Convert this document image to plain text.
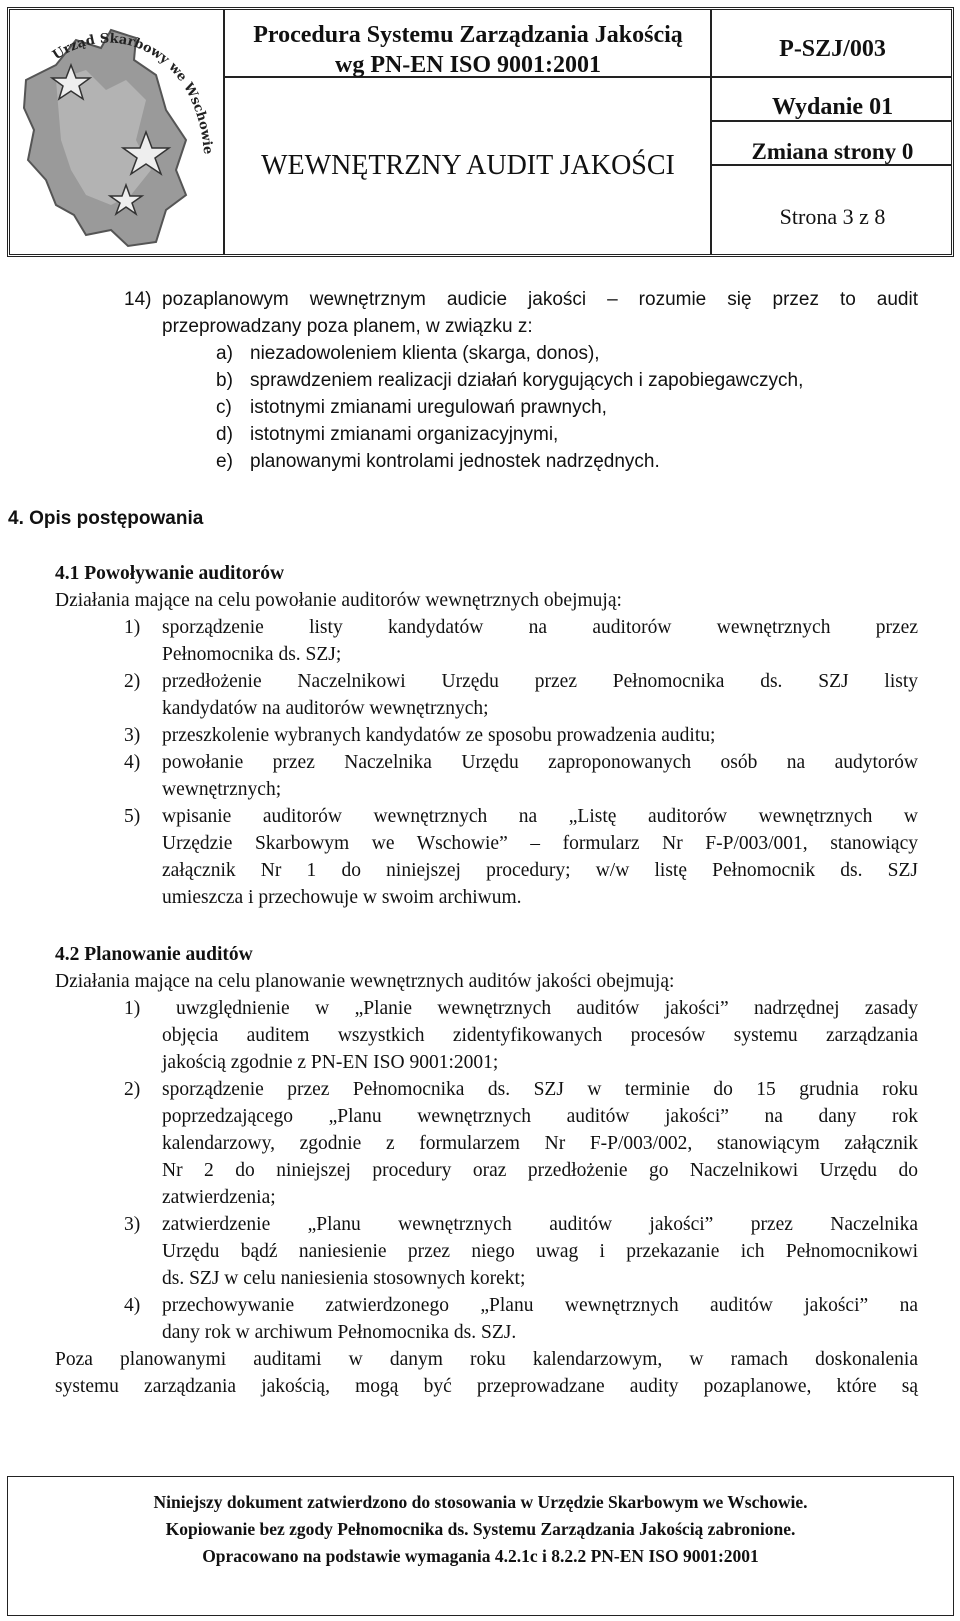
Urząd Skarbowy we Wschowie
Procedura Systemu Zarządzania Jakością
wg PN-EN ISO 9001:2001
WEWNĘTRZNY AUDIT JAKOŚCI
P-SZJ/003
Wydanie 01
Zmiana strony 0
Strona 3 z 8
14) pozaplanowym wewnętrznym audicie jakości – rozumie się przez to audit
przeprowadzany poza planem, w związku z:
a) niezadowoleniem klienta (skarga, donos),
b) sprawdzeniem realizacji działań korygujących i zapobiegawczych,
c) istotnymi zmianami uregulowań prawnych,
d) istotnymi zmianami organizacyjnymi,
e) planowanymi kontrolami jednostek nadrzędnych.
4. Opis postępowania
4.1 Powoływanie auditorów
Działania mające na celu powołanie auditorów wewnętrznych obejmują:
1) sporządzenie listy kandydatów na auditorów wewnętrznych przez
Pełnomocnika ds. SZJ;
2) przedłożenie Naczelnikowi Urzędu przez Pełnomocnika ds. SZJ listy
kandydatów na auditorów wewnętrznych;
3) przeszkolenie wybranych kandydatów ze sposobu prowadzenia auditu;
4) powołanie przez Naczelnika Urzędu zaproponowanych osób na audytorów
wewnętrznych;
5) wpisanie auditorów wewnętrznych na „Listę auditorów wewnętrznych w
Urzędzie Skarbowym we Wschowie” – formularz Nr F-P/003/001, stanowiący
załącznik Nr 1 do niniejszej procedury; w/w listę Pełnomocnik ds. SZJ
umieszcza i przechowuje w swoim archiwum.
4.2 Planowanie auditów
Działania mające na celu planowanie wewnętrznych auditów jakości obejmują:
1) uwzględnienie w „Planie wewnętrznych auditów jakości” nadrzędnej zasady
objęcia auditem wszystkich zidentyfikowanych procesów systemu zarządzania
jakością zgodnie z PN-EN ISO 9001:2001;
2) sporządzenie przez Pełnomocnika ds. SZJ w terminie do 15 grudnia roku
poprzedzającego „Planu wewnętrznych auditów jakości” na dany rok
kalendarzowy, zgodnie z formularzem Nr F-P/003/002, stanowiącym załącznik
Nr 2 do niniejszej procedury oraz przedłożenie go Naczelnikowi Urzędu do
zatwierdzenia;
3) zatwierdzenie „Planu wewnętrznych auditów jakości” przez Naczelnika
Urzędu bądź naniesienie przez niego uwag i przekazanie ich Pełnomocnikowi
ds. SZJ w celu naniesienia stosownych korekt;
4) przechowywanie zatwierdzonego „Planu wewnętrznych auditów jakości” na
dany rok w archiwum Pełnomocnika ds. SZJ.
Poza planowanymi auditami w danym roku kalendarzowym, w ramach doskonalenia
systemu zarządzania jakością, mogą być przeprowadzane audity pozaplanowe, które są
Niniejszy dokument zatwierdzono do stosowania w Urzędzie Skarbowym we Wschowie.
Kopiowanie bez zgody Pełnomocnika ds. Systemu Zarządzania Jakością zabronione.
Opracowano na podstawie wymagania 4.2.1c i 8.2.2 PN-EN ISO 9001:2001
